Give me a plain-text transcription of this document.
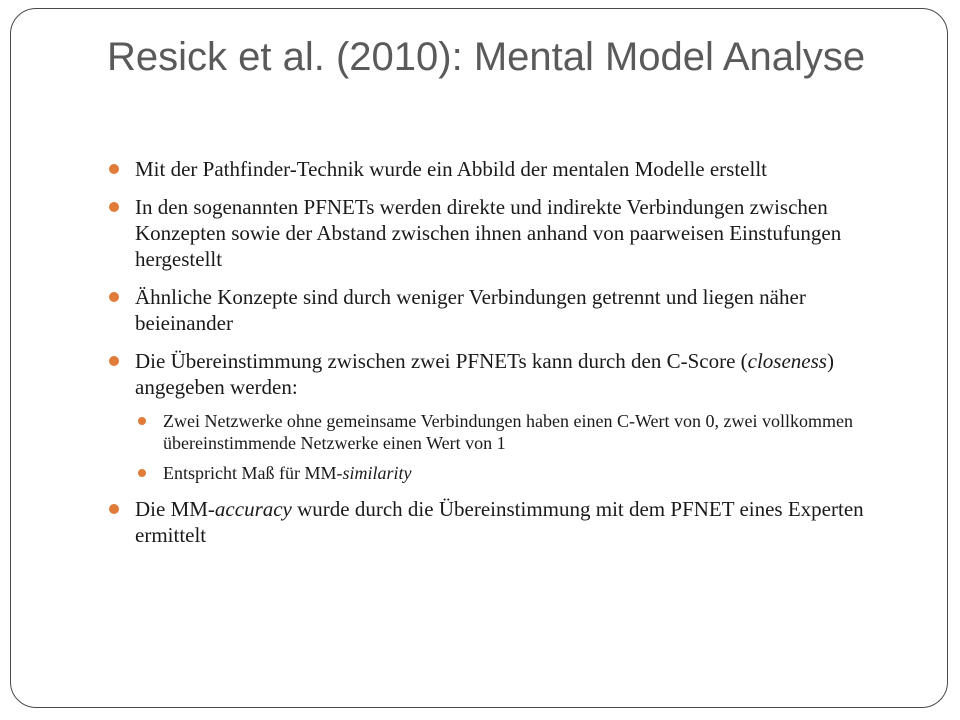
Resick et al. (2010): Mental Model Analyse
Mit der Pathfinder-Technik wurde ein Abbild der mentalen Modelle erstellt
In den sogenannten PFNETs werden direkte und indirekte Verbindungen zwischen Konzepten sowie der Abstand zwischen ihnen anhand von paarweisen Einstufungen hergestellt
Ähnliche Konzepte sind durch weniger Verbindungen getrennt und liegen näher beieinander
Die Übereinstimmung zwischen zwei PFNETs kann durch den C-Score (closeness) angegeben werden:
Zwei Netzwerke ohne gemeinsame Verbindungen haben einen C-Wert von 0, zwei vollkommen übereinstimmende Netzwerke einen Wert von 1
Entspricht Maß für MM-similarity
Die MM-accuracy wurde durch die Übereinstimmung mit dem PFNET eines Experten ermittelt
